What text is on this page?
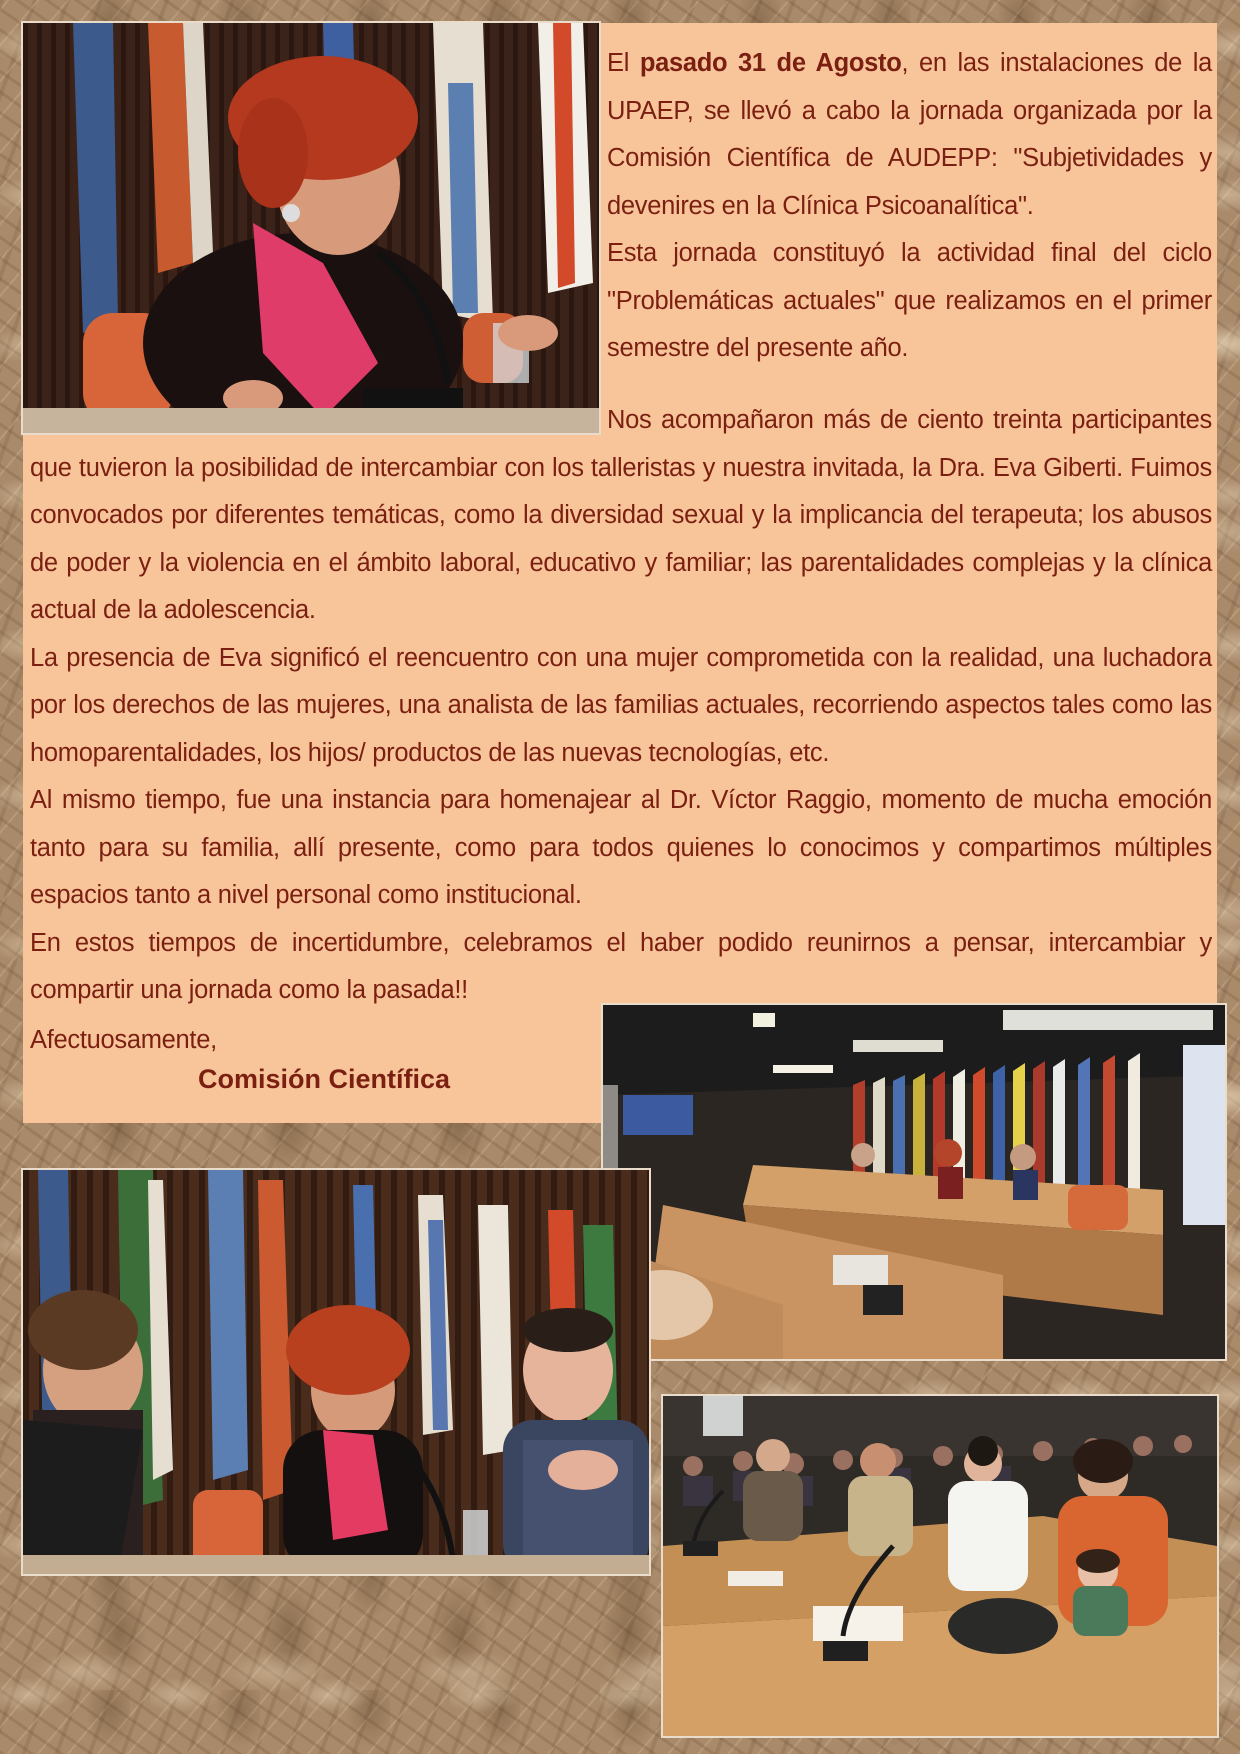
El pasado 31 de Agosto, en las instalaciones de la UPAEP, se llevó a cabo la jornada organizada por la Comisión Científica de AUDEPP: "Subjetividades y devenires en la Clínica Psicoanalítica".

Esta jornada constituyó la actividad final del ciclo "Problemáticas actuales" que realizamos en el primer semestre del presente año.

Nos acompañaron más de ciento treinta participantes que tuvieron la posibilidad de intercambiar con los talleristas y nuestra invitada, la Dra. Eva Giberti. Fuimos convocados por diferentes temáticas, como la diversidad sexual y la implicancia del terapeuta; los abusos de poder y la violencia en el ámbito laboral, educativo y familiar; las parentalidades complejas y la clínica actual de la adolescencia.

La presencia de Eva significó el reencuentro con una mujer comprometida con la realidad, una luchadora por los derechos de las mujeres, una analista de las familias actuales, recorriendo aspectos tales como las homoparentalidades, los hijos/ productos de las nuevas tecnologías, etc.

Al mismo tiempo, fue una instancia para homenajear al Dr. Víctor Raggio, momento de mucha emoción tanto para su familia, allí presente, como para todos quienes lo conocimos y compartimos múltiples espacios tanto a nivel personal como institucional.

En estos tiempos de incertidumbre, celebramos el haber podido reunirnos a pensar, intercambiar y compartir una jornada como la pasada!!

Afectuosamente,
Comisión Científica
